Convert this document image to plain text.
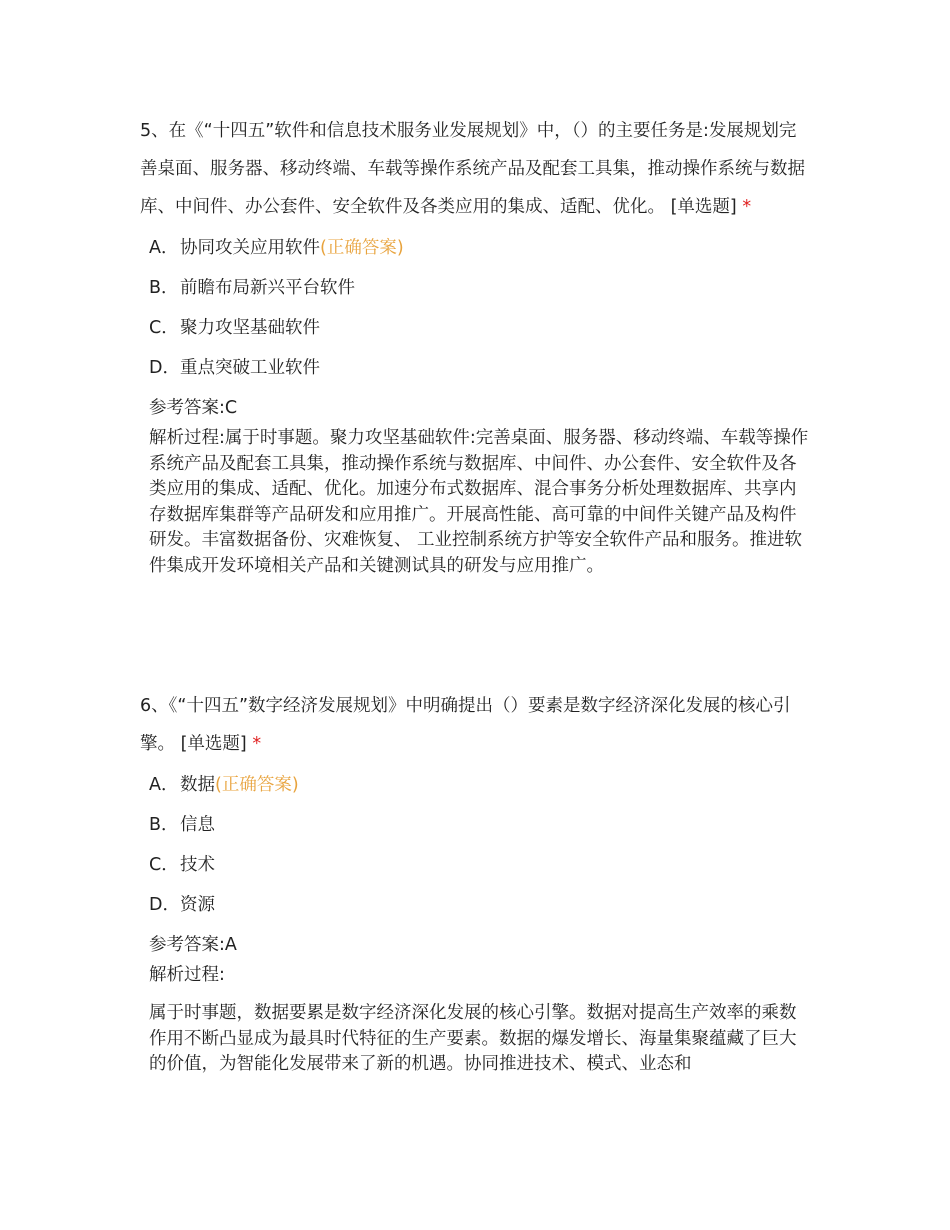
5、在《“十四五”软件和信息技术服务业发展规划》中，（）的主要任务是:发展规划完善桌面、服务器、移动终端、车载等操作系统产品及配套工具集，推动操作系统与数据库、中间件、办公套件、安全软件及各类应用的集成、适配、优化。 [单选题] *

A．协同攻关应用软件(正确答案)
B．前瞻布局新兴平台软件
C．聚力攻坚基础软件
D．重点突破工业软件

参考答案:C

解析过程:属于时事题。聚力攻坚基础软件:完善桌面、服务器、移动终端、车载等操作系统产品及配套工具集，推动操作系统与数据库、中间件、办公套件、安全软件及各类应用的集成、适配、优化。加速分布式数据库、混合事务分析处理数据库、共享内存数据库集群等产品研发和应用推广。开展高性能、高可靠的中间件关键产品及构件研发。丰富数据备份、灾难恢复、 工业控制系统方护等安全软件产品和服务。推进软件集成开发环境相关产品和关键测试具的研发与应用推广。

6、《“十四五”数字经济发展规划》中明确提出（）要素是数字经济深化发展的核心引擎。 [单选题] *

A．数据(正确答案)
B．信息
C．技术
D．资源

参考答案:A

解析过程:

属于时事题，数据要累是数字经济深化发展的核心引擎。数据对提高生产效率的乘数作用不断凸显成为最具时代特征的生产要素。数据的爆发增长、海量集聚蕴藏了巨大的价值，为智能化发展带来了新的机遇。协同推进技术、模式、业态和
